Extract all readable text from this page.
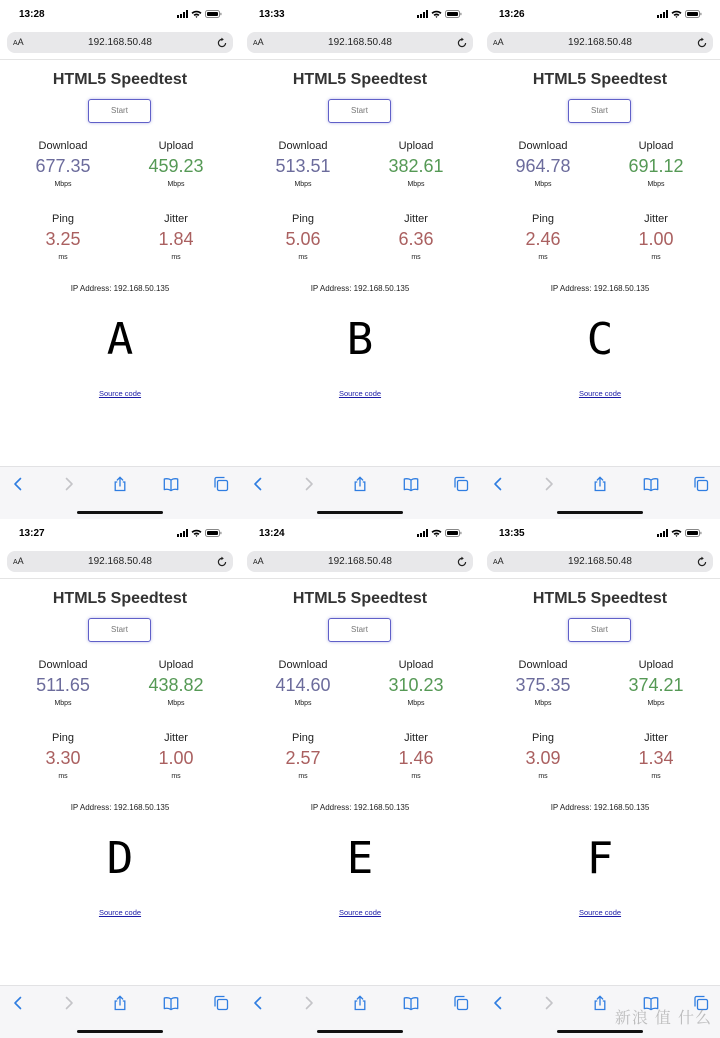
13:28
AA	192.168.50.48
HTML5 Speedtest
Start
Download
677.35
Mbps
Upload
459.23
Mbps
Ping
3.25
ms
Jitter
1.84
ms
IP Address: 192.168.50.135
A
Source code
13:33
AA	192.168.50.48
HTML5 Speedtest
Start
Download
513.51
Mbps
Upload
382.61
Mbps
Ping
5.06
ms
Jitter
6.36
ms
IP Address: 192.168.50.135
B
Source code
13:26
AA	192.168.50.48
HTML5 Speedtest
Start
Download
964.78
Mbps
Upload
691.12
Mbps
Ping
2.46
ms
Jitter
1.00
ms
IP Address: 192.168.50.135
C
Source code
13:27
AA	192.168.50.48
HTML5 Speedtest
Start
Download
511.65
Mbps
Upload
438.82
Mbps
Ping
3.30
ms
Jitter
1.00
ms
IP Address: 192.168.50.135
D
Source code
13:24
AA	192.168.50.48
HTML5 Speedtest
Start
Download
414.60
Mbps
Upload
310.23
Mbps
Ping
2.57
ms
Jitter
1.46
ms
IP Address: 192.168.50.135
E
Source code
13:35
AA	192.168.50.48
HTML5 Speedtest
Start
Download
375.35
Mbps
Upload
374.21
Mbps
Ping
3.09
ms
Jitter
1.34
ms
IP Address: 192.168.50.135
F
Source code
新浪 值 什么
